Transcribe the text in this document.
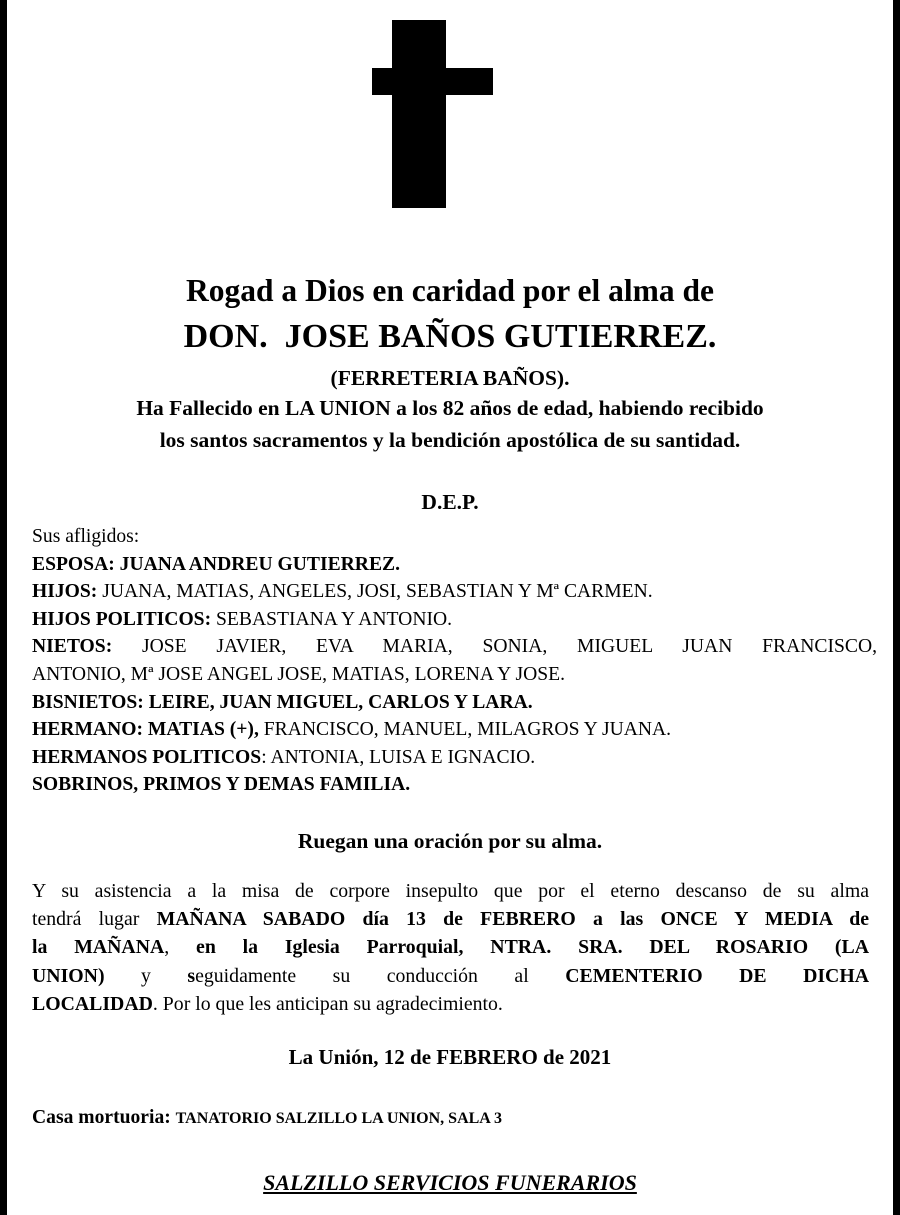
Rogad a Dios en caridad por el alma de
DON.  JOSE BAÑOS GUTIERREZ.
(FERRETERIA BAÑOS).
Ha Fallecido en LA UNION a los 82 años de edad, habiendo recibido
los santos sacramentos y la bendición apostólica de su santidad.
D.E.P.
Sus afligidos:
ESPOSA: JUANA ANDREU GUTIERREZ.
HIJOS: JUANA, MATIAS, ANGELES, JOSI, SEBASTIAN Y Mª CARMEN.
HIJOS POLITICOS: SEBASTIANA Y ANTONIO.
NIETOS: JOSE JAVIER, EVA MARIA, SONIA, MIGUEL JUAN FRANCISCO,
ANTONIO, Mª JOSE ANGEL JOSE, MATIAS, LORENA Y JOSE.
BISNIETOS: LEIRE, JUAN MIGUEL, CARLOS Y LARA.
HERMANO: MATIAS (+), FRANCISCO, MANUEL, MILAGROS Y JUANA.
HERMANOS POLITICOS: ANTONIA, LUISA E IGNACIO.
SOBRINOS, PRIMOS Y DEMAS FAMILIA.
Ruegan una oración por su alma.
Y su asistencia a la misa de corpore insepulto que por el eterno descanso de su alma
tendrá lugar MAÑANA SABADO día 13 de FEBRERO a las ONCE Y MEDIA de
la MAÑANA, en la Iglesia Parroquial, NTRA. SRA. DEL ROSARIO (LA
UNION) y seguidamente su conducción al CEMENTERIO DE DICHA
LOCALIDAD. Por lo que les anticipan su agradecimiento.
La Unión, 12 de FEBRERO de 2021
Casa mortuoria: TANATORIO SALZILLO LA UNION, SALA 3
SALZILLO SERVICIOS FUNERARIOS
